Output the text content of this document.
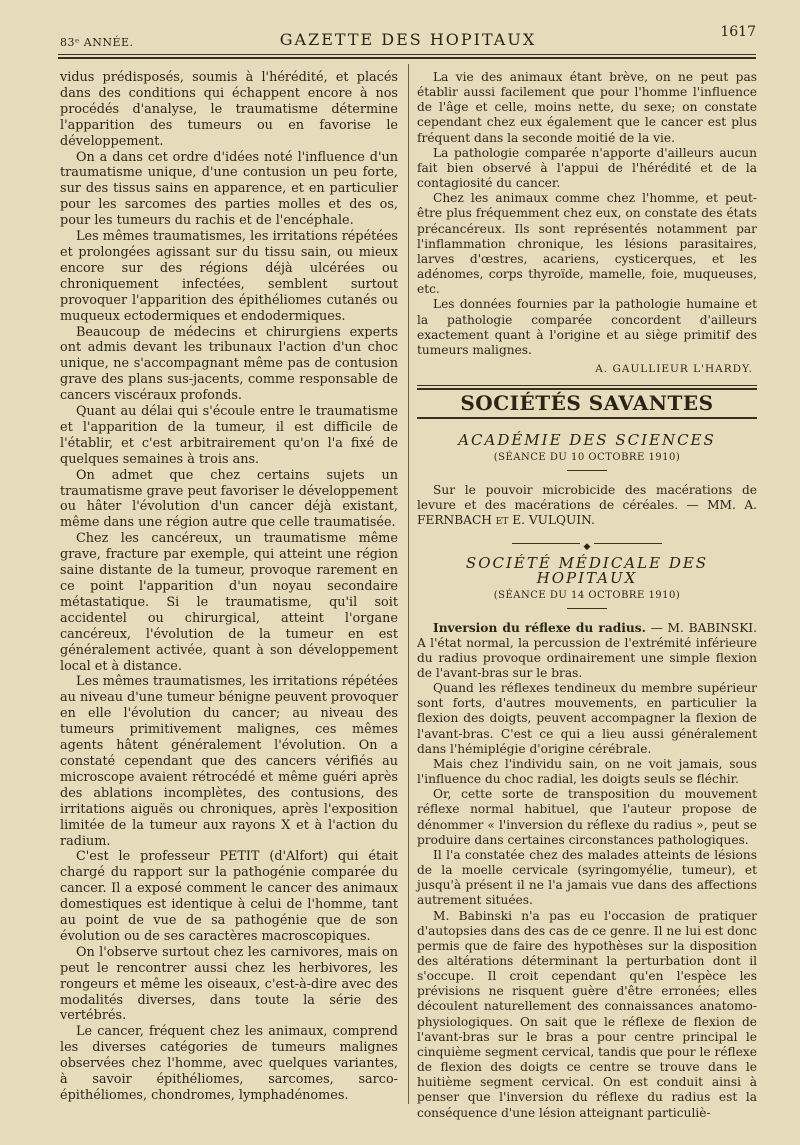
83ᵉ ANNÉE.	GAZETTE DES HOPITAUX	1617

vidus prédisposés, soumis à l'hérédité, et placés dans des conditions qui échappent encore à nos procédés d'analyse, le traumatisme détermine l'apparition des tumeurs ou en favorise le développement.

On a dans cet ordre d'idées noté l'influence d'un traumatisme unique, d'une contusion un peu forte, sur des tissus sains en apparence, et en particulier pour les sarcomes des parties molles et des os, pour les tumeurs du rachis et de l'encéphale.

Les mêmes traumatismes, les irritations répétées et prolongées agissant sur du tissu sain, ou mieux encore sur des régions déjà ulcérées ou chroniquement infectées, semblent surtout provoquer l'apparition des épithéliomes cutanés ou muqueux ectodermiques et endodermiques.

Beaucoup de médecins et chirurgiens experts ont admis devant les tribunaux l'action d'un choc unique, ne s'accompagnant même pas de contusion grave des plans sus-jacents, comme responsable de cancers viscéraux profonds.

Quant au délai qui s'écoule entre le traumatisme et l'apparition de la tumeur, il est difficile de l'établir, et c'est arbitrairement qu'on l'a fixé de quelques semaines à trois ans.

On admet que chez certains sujets un traumatisme grave peut favoriser le développement ou hâter l'évolution d'un cancer déjà existant, même dans une région autre que celle traumatisée.

Chez les cancéreux, un traumatisme même grave, fracture par exemple, qui atteint une région saine distante de la tumeur, provoque rarement en ce point l'apparition d'un noyau secondaire métastatique. Si le traumatisme, qu'il soit accidentel ou chirurgical, atteint l'organe cancéreux, l'évolution de la tumeur en est généralement activée, quant à son développement local et à distance.

Les mêmes traumatismes, les irritations répétées au niveau d'une tumeur bénigne peuvent provoquer en elle l'évolution du cancer; au niveau des tumeurs primitivement malignes, ces mêmes agents hâtent généralement l'évolution. On a constaté cependant que des cancers vérifiés au microscope avaient rétrocédé et même guéri après des ablations incomplètes, des contusions, des irritations aiguës ou chroniques, après l'exposition limitée de la tumeur aux rayons X et à l'action du radium.

C'est le professeur PETIT (d'Alfort) qui était chargé du rapport sur la pathogénie comparée du cancer. Il a exposé comment le cancer des animaux domestiques est identique à celui de l'homme, tant au point de vue de sa pathogénie que de son évolution ou de ses caractères macroscopiques.

On l'observe surtout chez les carnivores, mais on peut le rencontrer aussi chez les herbivores, les rongeurs et même les oiseaux, c'est-à-dire avec des modalités diverses, dans toute la série des vertébrés.

Le cancer, fréquent chez les animaux, comprend les diverses catégories de tumeurs malignes observées chez l'homme, avec quelques variantes, à savoir épithéliomes, sarcomes, sarco-épithéliomes, chondromes, lymphadénomes.

La vie des animaux étant brève, on ne peut pas établir aussi facilement que pour l'homme l'influence de l'âge et celle, moins nette, du sexe; on constate cependant chez eux également que le cancer est plus fréquent dans la seconde moitié de la vie.

La pathologie comparée n'apporte d'ailleurs aucun fait bien observé à l'appui de l'hérédité et de la contagiosité du cancer.

Chez les animaux comme chez l'homme, et peut-être plus fréquemment chez eux, on constate des états précancéreux. Ils sont représentés notamment par l'inflammation chronique, les lésions parasitaires, larves d'œstres, acariens, cysticerques, et les adénomes, corps thyroïde, mamelle, foie, muqueuses, etc.

Les données fournies par la pathologie humaine et la pathologie comparée concordent d'ailleurs exactement quant à l'origine et au siège primitif des tumeurs malignes.

A. GAULLIEUR L'HARDY.

SOCIÉTÉS SAVANTES
ACADÉMIE DES SCIENCES
(SÉANCE DU 10 OCTOBRE 1910)

Sur le pouvoir microbicide des macérations de levure et des macérations de céréales. — MM. A. FERNBACH et E. VULQUIN.

◆
SOCIÉTÉ MÉDICALE DES HOPITAUX
(SÉANCE DU 14 OCTOBRE 1910)

Inversion du réflexe du radius. — M. BABINSKI. A l'état normal, la percussion de l'extrémité inférieure du radius provoque ordinairement une simple flexion de l'avant-bras sur le bras.

Quand les réflexes tendineux du membre supérieur sont forts, d'autres mouvements, en particulier la flexion des doigts, peuvent accompagner la flexion de l'avant-bras. C'est ce qui a lieu aussi généralement dans l'hémiplégie d'origine cérébrale.

Mais chez l'individu sain, on ne voit jamais, sous l'influence du choc radial, les doigts seuls se fléchir.

Or, cette sorte de transposition du mouvement réflexe normal habituel, que l'auteur propose de dénommer « l'inversion du réflexe du radius », peut se produire dans certaines circonstances pathologiques.

Il l'a constatée chez des malades atteints de lésions de la moelle cervicale (syringomyélie, tumeur), et jusqu'à présent il ne l'a jamais vue dans des affections autrement situées.

M. Babinski n'a pas eu l'occasion de pratiquer d'autopsies dans des cas de ce genre. Il ne lui est donc permis que de faire des hypothèses sur la disposition des altérations déterminant la perturbation dont il s'occupe. Il croit cependant qu'en l'espèce les prévisions ne risquent guère d'être erronées; elles découlent naturellement des connaissances anatomo-physiologiques. On sait que le réflexe de flexion de l'avant-bras sur le bras a pour centre principal le cinquième segment cervical, tandis que pour le réflexe de flexion des doigts ce centre se trouve dans le huitième segment cervical. On est conduit ainsi à penser que l'inversion du réflexe du radius est la conséquence d'une lésion atteignant particuliè-
